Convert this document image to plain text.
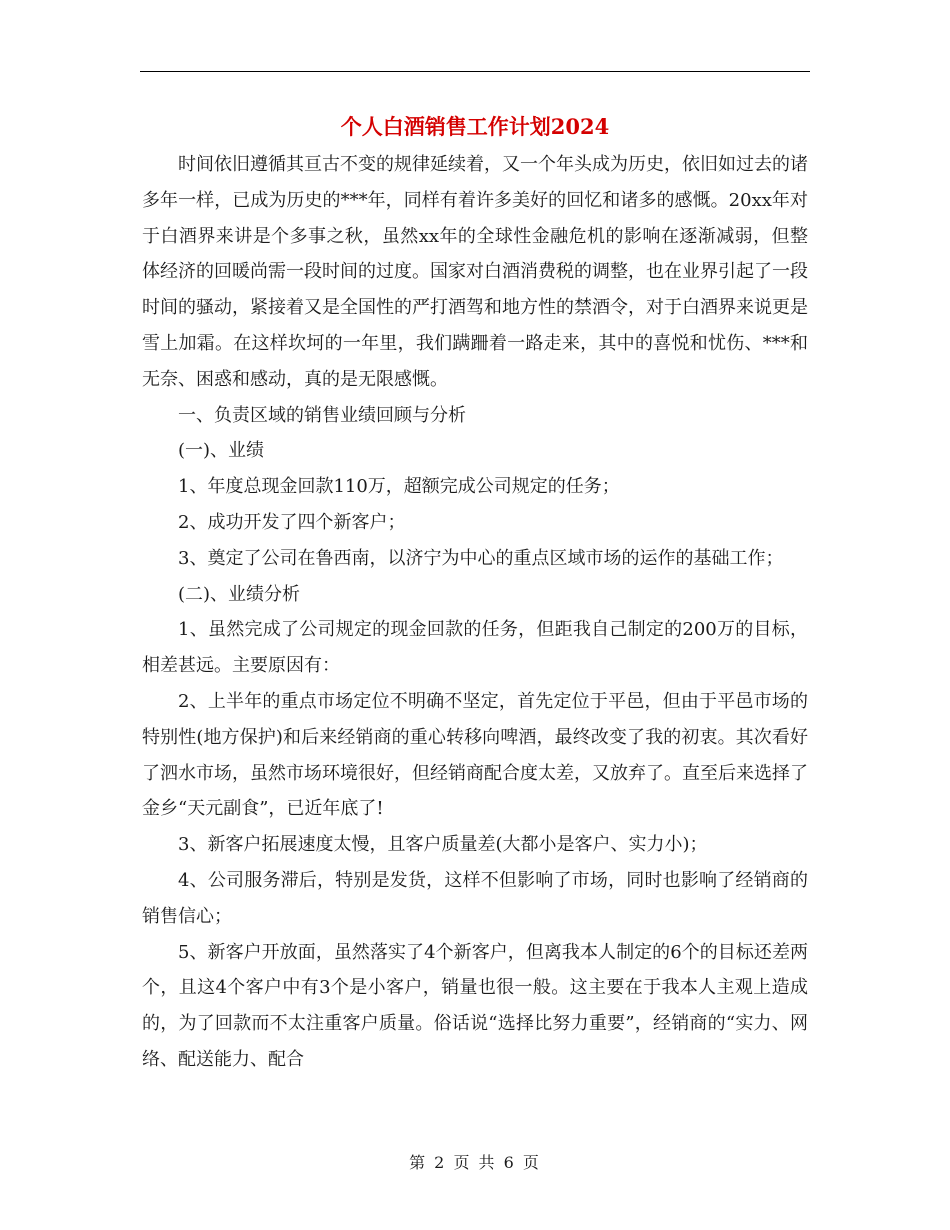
个人白酒销售工作计划2024

时间依旧遵循其亘古不变的规律延续着，又一个年头成为历史，依旧如过去的诸多年一样，已成为历史的***年，同样有着许多美好的回忆和诸多的感慨。20xx年对于白酒界来讲是个多事之秋，虽然xx年的全球性金融危机的影响在逐渐减弱，但整体经济的回暖尚需一段时间的过度。国家对白酒消费税的调整，也在业界引起了一段时间的骚动，紧接着又是全国性的严打酒驾和地方性的禁酒令，对于白酒界来说更是雪上加霜。在这样坎坷的一年里，我们蹒跚着一路走来，其中的喜悦和忧伤、***和无奈、困惑和感动，真的是无限感慨。

一、负责区域的销售业绩回顾与分析

(一)、业绩

1、年度总现金回款110万，超额完成公司规定的任务；

2、成功开发了四个新客户；

3、奠定了公司在鲁西南，以济宁为中心的重点区域市场的运作的基础工作；

(二)、业绩分析

1、虽然完成了公司规定的现金回款的任务，但距我自己制定的200万的目标，相差甚远。主要原因有：

2、上半年的重点市场定位不明确不坚定，首先定位于平邑，但由于平邑市场的特别性(地方保护)和后来经销商的重心转移向啤酒，最终改变了我的初衷。其次看好了泗水市场，虽然市场环境很好，但经销商配合度太差，又放弃了。直至后来选择了金乡“天元副食”，已近年底了!

3、新客户拓展速度太慢，且客户质量差(大都小是客户、实力小)；

4、公司服务滞后，特别是发货，这样不但影响了市场，同时也影响了经销商的销售信心；

5、新客户开放面，虽然落实了4个新客户，但离我本人制定的6个的目标还差两个，且这4个客户中有3个是小客户，销量也很一般。这主要在于我本人主观上造成的，为了回款而不太注重客户质量。俗话说“选择比努力重要”，经销商的“实力、网络、配送能力、配合

第 2 页 共 6 页
